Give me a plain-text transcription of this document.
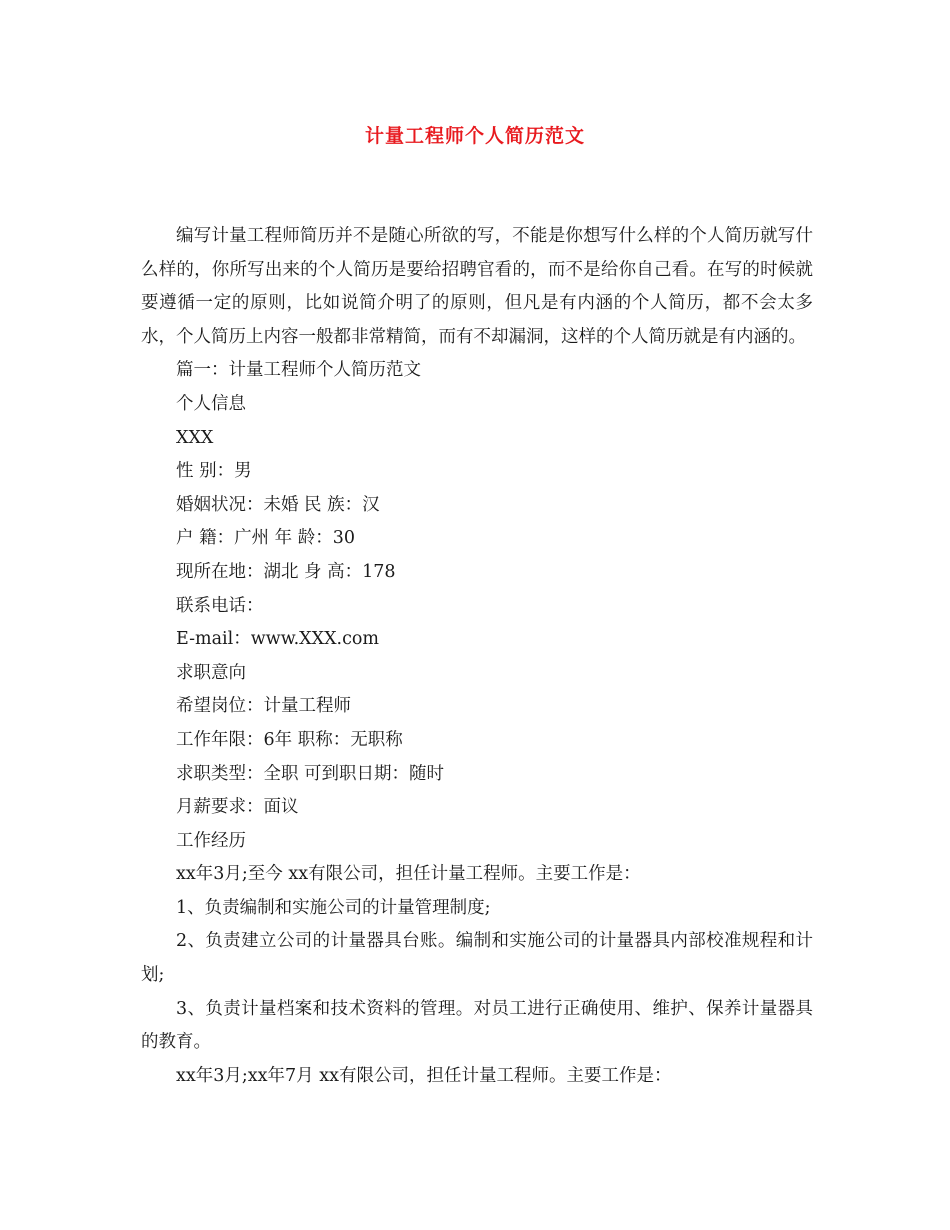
计量工程师个人简历范文

编写计量工程师简历并不是随心所欲的写，不能是你想写什么样的个人简历就写什么样的，你所写出来的个人简历是要给招聘官看的，而不是给你自己看。在写的时候就要遵循一定的原则，比如说简介明了的原则，但凡是有内涵的个人简历，都不会太多水，个人简历上内容一般都非常精简，而有不却漏洞，这样的个人简历就是有内涵的。

篇一：计量工程师个人简历范文

个人信息

XXX

性 别：男

婚姻状况：未婚 民 族：汉

户 籍：广州 年 龄：30

现所在地：湖北 身 高：178

联系电话：

E-mail：www.XXX.com

求职意向

希望岗位：计量工程师

工作年限：6年 职称：无职称

求职类型：全职 可到职日期：随时

月薪要求：面议

工作经历

xx年3月;至今 xx有限公司，担任计量工程师。主要工作是：

1、负责编制和实施公司的计量管理制度;

2、负责建立公司的计量器具台账。编制和实施公司的计量器具内部校准规程和计划;

3、负责计量档案和技术资料的管理。对员工进行正确使用、维护、保养计量器具的教育。

xx年3月;xx年7月 xx有限公司，担任计量工程师。主要工作是：
